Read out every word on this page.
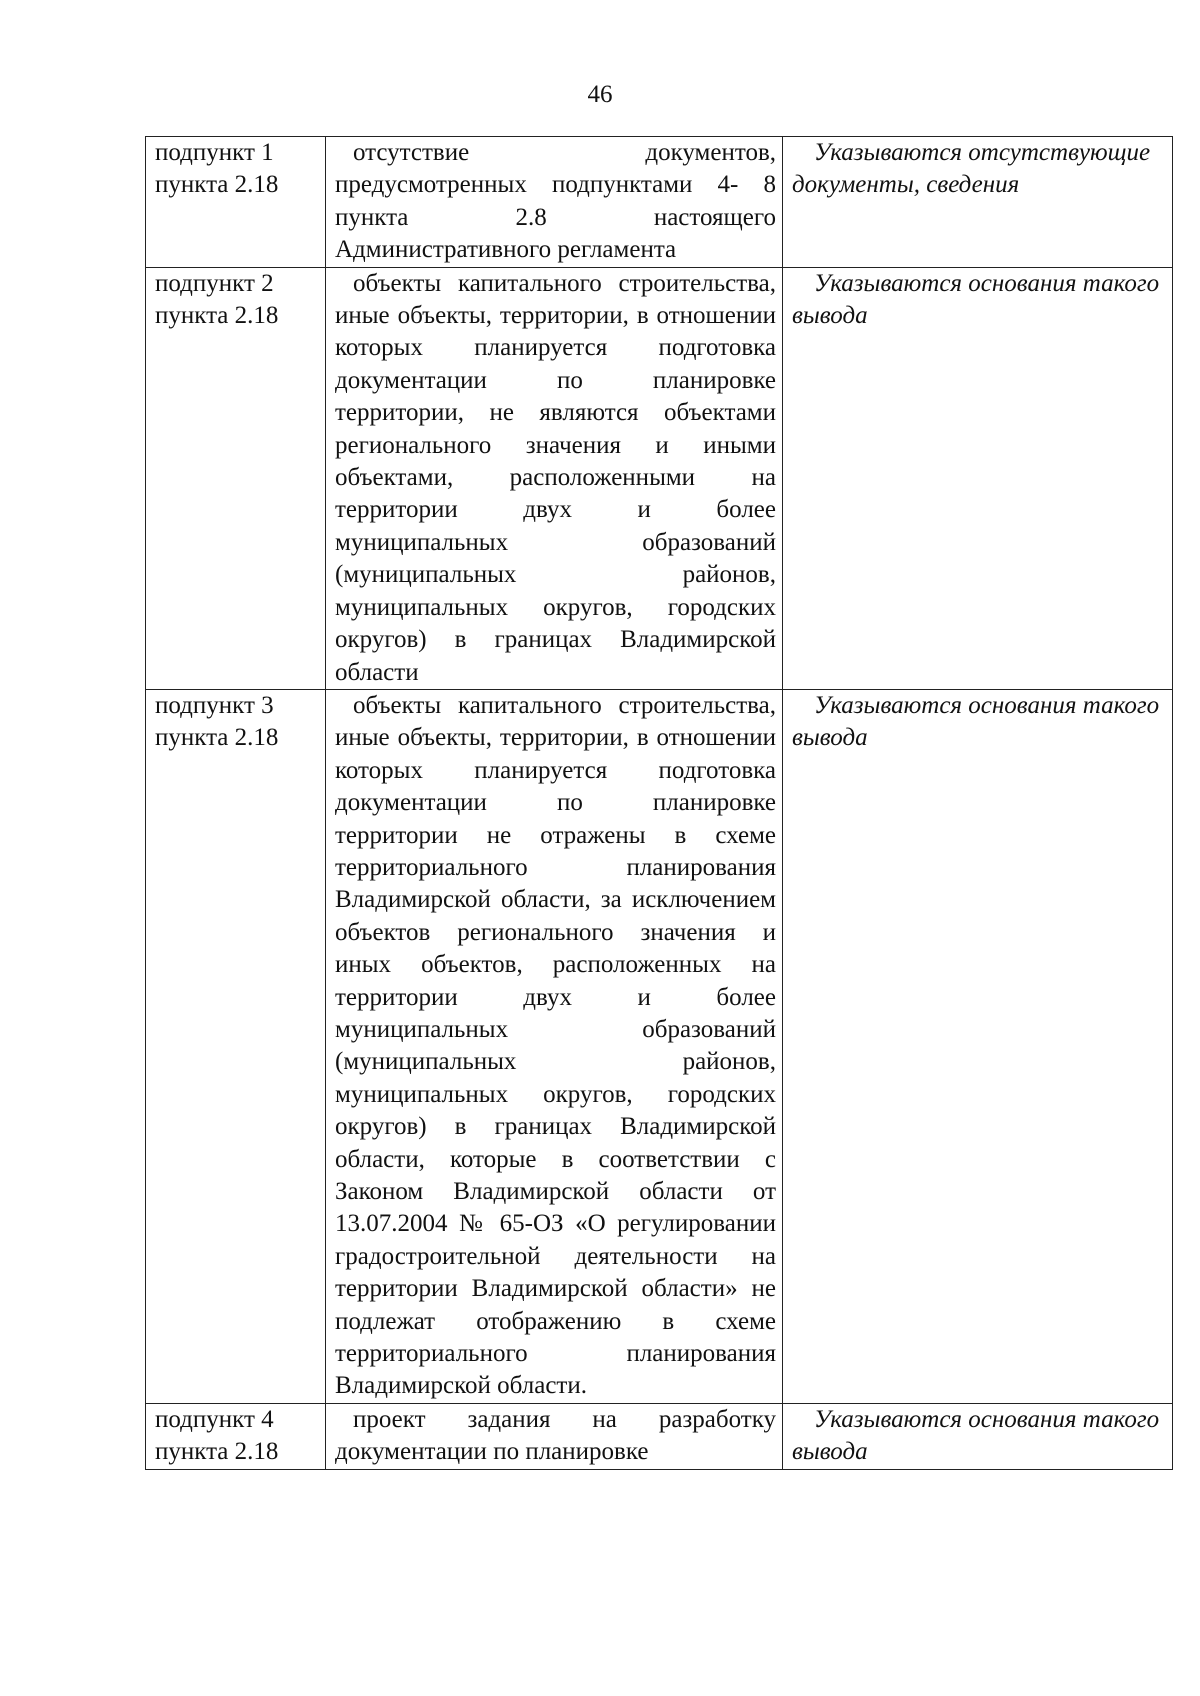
46
подпункт 1
пункта 2.18	отсутствие документов, предусмотренных подпунктами 4- 8 пункта 2.8 настоящего Административного регламента	Указываются отсутствующие документы, сведения

подпункт 2
пункта 2.18	объекты капитального строительства, иные объекты, территории, в отношении которых планируется подготовка документации по планировке территории, не являются объектами регионального значения и иными объектами, расположенными на территории двух и более муниципальных образований (муниципальных районов, муниципальных округов, городских округов) в границах Владимирской области	Указываются основания такого вывода

подпункт 3
пункта 2.18	объекты капитального строительства, иные объекты, территории, в отношении которых планируется подготовка документации по планировке территории не отражены в схеме территориального планирования Владимирской области, за исключением объектов регионального значения и иных объектов, расположенных на территории двух и более муниципальных образований (муниципальных районов, муниципальных округов, городских округов) в границах Владимирской области, которые в соответствии с Законом Владимирской области от 13.07.2004 № 65-ОЗ «О регулировании градостроительной деятельности на территории Владимирской области» не подлежат отображению в схеме территориального планирования Владимирской области.	Указываются основания такого вывода

подпункт 4
пункта 2.18	проект задания на разработку документации по планировке	Указываются основания такого вывода
